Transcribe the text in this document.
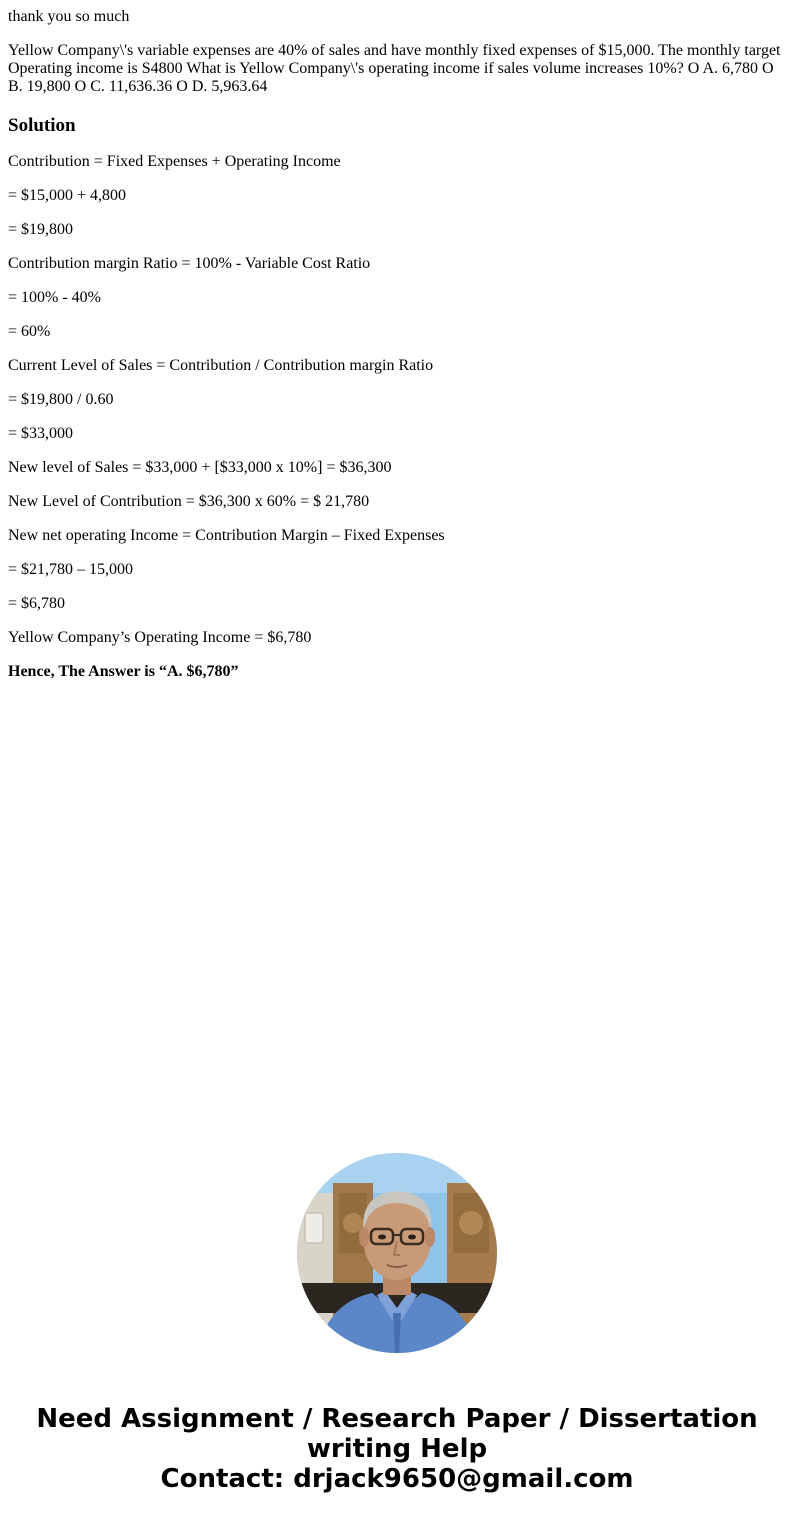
thank you so much

Yellow Company\'s variable expenses are 40% of sales and have monthly fixed expenses of $15,000. The monthly target Operating income is S4800 What is Yellow Company\'s operating income if sales volume increases 10%? O A. 6,780 O B. 19,800 O C. 11,636.36 O D. 5,963.64

Solution

Contribution = Fixed Expenses + Operating Income

= $15,000 + 4,800

= $19,800

Contribution margin Ratio = 100% - Variable Cost Ratio

= 100% - 40%

= 60%

Current Level of Sales = Contribution / Contribution margin Ratio

= $19,800 / 0.60

= $33,000

New level of Sales = $33,000 + [$33,000 x 10%] = $36,300

New Level of Contribution = $36,300 x 60% = $ 21,780

New net operating Income = Contribution Margin – Fixed Expenses

= $21,780 – 15,000

= $6,780

Yellow Company’s Operating Income = $6,780

Hence, The Answer is “A. $6,780”

Need Assignment / Research Paper / Dissertation
writing Help
Contact: drjack9650@gmail.com
